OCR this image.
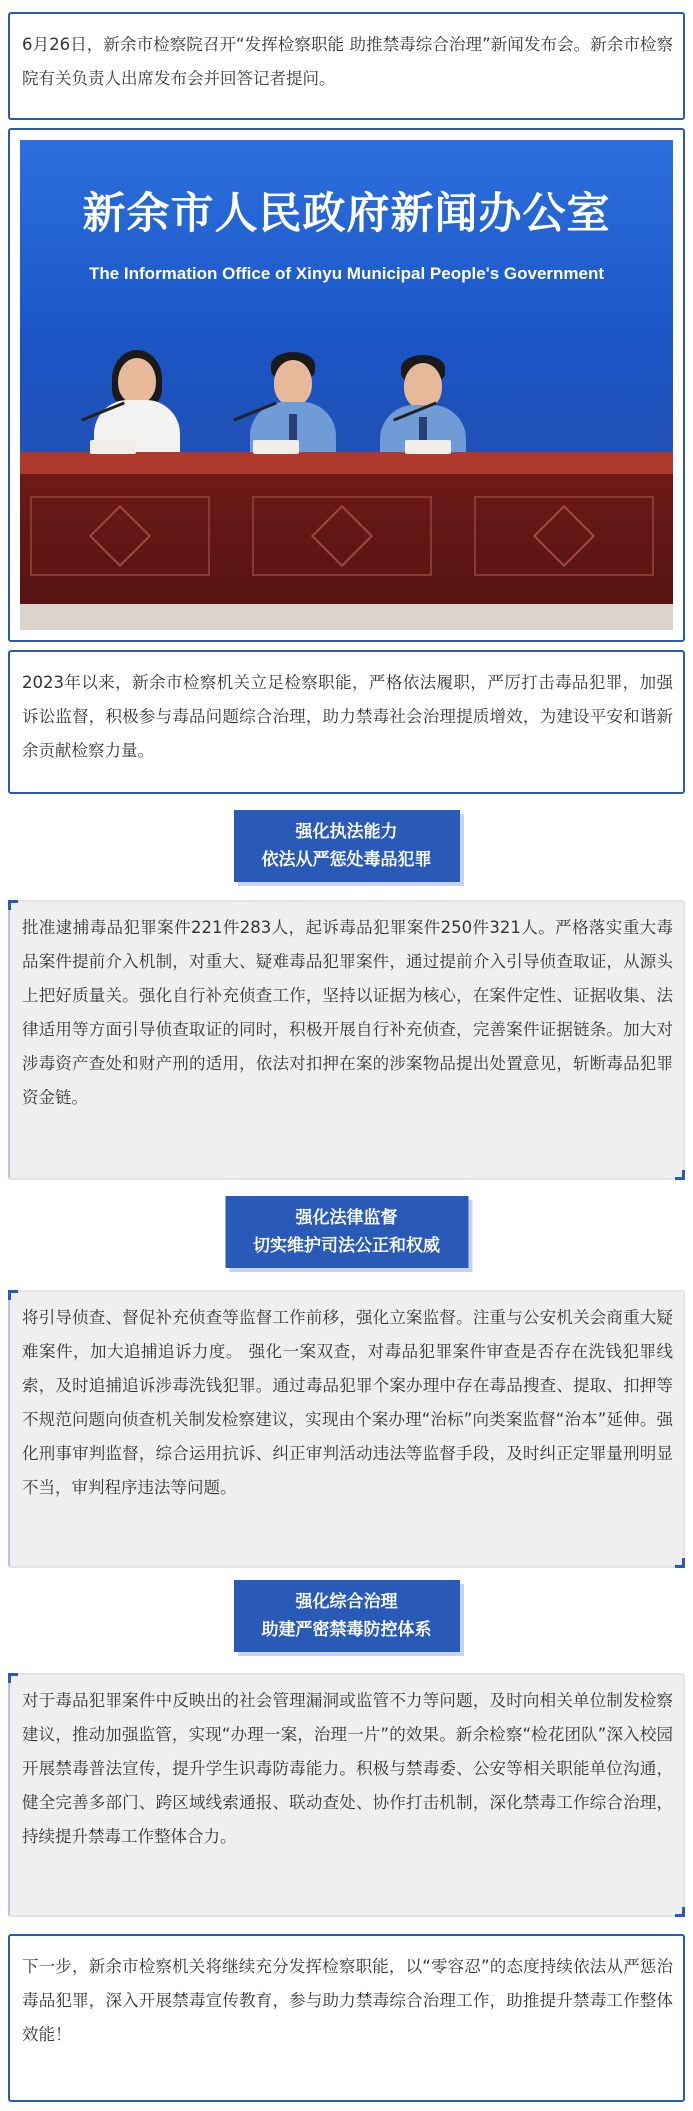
6月26日，新余市检察院召开“发挥检察职能 助推禁毒综合治理”新闻发布会。新余市检察院有关负责人出席发布会并回答记者提问。

新余市人民政府新闻办公室
The Information Office of Xinyu Municipal People's Government

2023年以来，新余市检察机关立足检察职能，严格依法履职，严厉打击毒品犯罪，加强诉讼监督，积极参与毒品问题综合治理，助力禁毒社会治理提质增效，为建设平安和谐新余贡献检察力量。

强化执法能力
依法从严惩处毒品犯罪

批准逮捕毒品犯罪案件221件283人，起诉毒品犯罪案件250件321人。严格落实重大毒品案件提前介入机制，对重大、疑难毒品犯罪案件，通过提前介入引导侦查取证，从源头上把好质量关。强化自行补充侦查工作，坚持以证据为核心，在案件定性、证据收集、法律适用等方面引导侦查取证的同时，积极开展自行补充侦查，完善案件证据链条。加大对涉毒资产查处和财产刑的适用，依法对扣押在案的涉案物品提出处置意见，斩断毒品犯罪资金链。

强化法律监督
切实维护司法公正和权威

将引导侦查、督促补充侦查等监督工作前移，强化立案监督。注重与公安机关会商重大疑难案件，加大追捕追诉力度。 强化一案双查，对毒品犯罪案件审查是否存在洗钱犯罪线索，及时追捕追诉涉毒洗钱犯罪。通过毒品犯罪个案办理中存在毒品搜查、提取、扣押等不规范问题向侦查机关制发检察建议，实现由个案办理“治标”向类案监督“治本”延伸。强化刑事审判监督，综合运用抗诉、纠正审判活动违法等监督手段，及时纠正定罪量刑明显不当，审判程序违法等问题。

强化综合治理
助建严密禁毒防控体系

对于毒品犯罪案件中反映出的社会管理漏洞或监管不力等问题，及时向相关单位制发检察建议，推动加强监管，实现“办理一案，治理一片”的效果。新余检察“检花团队”深入校园开展禁毒普法宣传，提升学生识毒防毒能力。积极与禁毒委、公安等相关职能单位沟通，健全完善多部门、跨区域线索通报、联动查处、协作打击机制，深化禁毒工作综合治理，持续提升禁毒工作整体合力。

下一步，新余市检察机关将继续充分发挥检察职能，以“零容忍”的态度持续依法从严惩治毒品犯罪，深入开展禁毒宣传教育，参与助力禁毒综合治理工作，助推提升禁毒工作整体效能！
